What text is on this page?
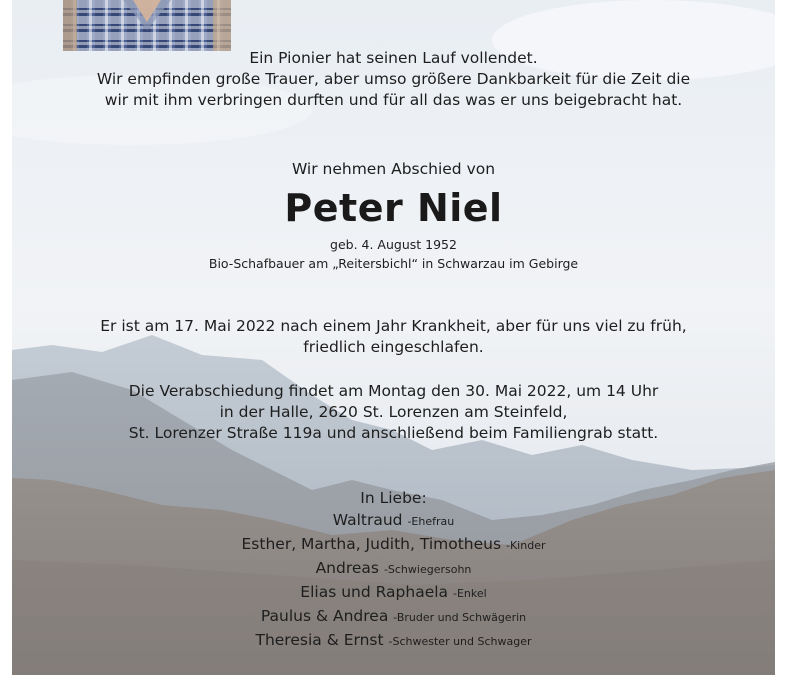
Ein Pionier hat seinen Lauf vollendet.
Wir empfinden große Trauer, aber umso größere Dankbarkeit für die Zeit die
wir mit ihm verbringen durften und für all das was er uns beigebracht hat.
Wir nehmen Abschied von
Peter Niel
geb. 4. August 1952
Bio-Schafbauer am „Reitersbichl“ in Schwarzau im Gebirge
Er ist am 17. Mai 2022 nach einem Jahr Krankheit, aber für uns viel zu früh,
friedlich eingeschlafen.
Die Verabschiedung findet am Montag den 30. Mai 2022, um 14 Uhr
in der Halle, 2620 St. Lorenzen am Steinfeld,
St. Lorenzer Straße 119a und anschließend beim Familiengrab statt.
In Liebe:
Waltraud -Ehefrau
Esther, Martha, Judith, Timotheus -Kinder
Andreas -Schwiegersohn
Elias und Raphaela -Enkel
Paulus & Andrea -Bruder und Schwägerin
Theresia & Ernst -Schwester und Schwager
